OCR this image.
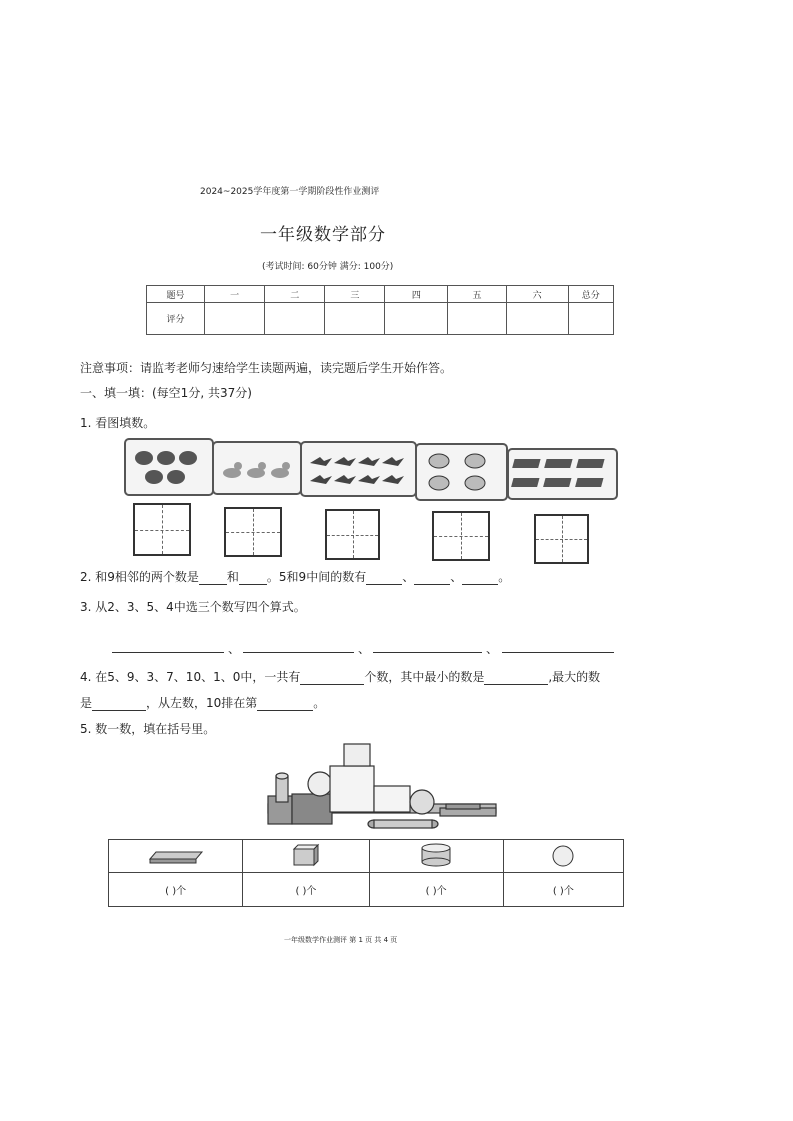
2024~2025学年度第一学期阶段性作业测评
一年级数学部分
(考试时间: 60分钟 满分: 100分)
题号	一	二	三	四	五	六	总分
评分							
注意事项：请监考老师匀速给学生读题两遍，读完题后学生开始作答。
一、填一填：(每空1分, 共37分)
1. 看图填数。
2. 和9相邻的两个数是 和 。5和9中间的数有	、	、	。
3. 从2、3、5、4中选三个数写四个算式。
、	、	、
4. 在5、9、3、7、10、1、0中，一共有	个数，其中最小的数是	,最大的数
是	，从左数，10排在第	。
5. 数一数，填在括号里。

( )个	( )个	( )个	( )个
一年级数学作业测评 第 1 页 共 4 页
